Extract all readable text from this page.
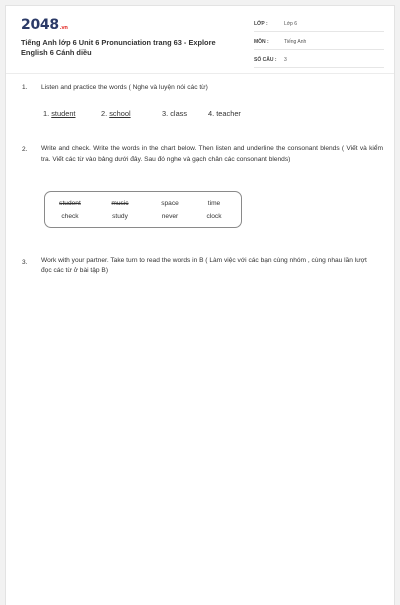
2048.vn
Tiếng Anh lớp 6 Unit 6 Pronunciation trang 63 - Explore English 6 Cánh diều
LỚP :	Lớp 6
MÔN :	Tiếng Anh
SỐ CÂU : 3
1. Listen and practice the words ( Nghe và luyện nói các từ)
1. student	2. school	3. class	4. teacher
2. Write and check. Write the words in the chart below. Then listen and underline the consonant blends ( Viết và kiểm tra. Viết các từ vào bảng dưới đây. Sau đó nghe và gạch chân các consonant blends)
student	music	space	time
check	study	never	clock
3. Work with your partner. Take turn to read the words in B ( Làm việc với các bạn cùng nhóm , cùng nhau lần lượt đọc các từ ở bài tập B)
